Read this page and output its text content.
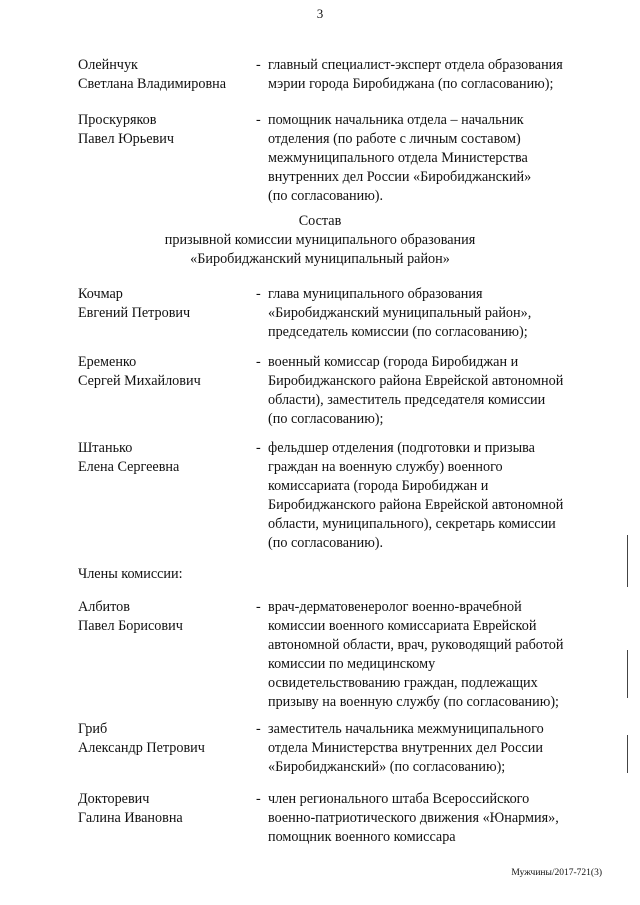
3
Олейнчук
Светлана Владимировна
- главный специалист-эксперт отдела образования
мэрии города Биробиджана (по согласованию);
Проскуряков
Павел Юрьевич
- помощник начальника отдела – начальник
отделения (по работе с личным составом)
межмуниципального отдела Министерства
внутренних дел России «Биробиджанский»
(по согласованию).
Состав
призывной комиссии муниципального образования
«Биробиджанский муниципальный район»
Кочмар
Евгений Петрович
- глава муниципального образования
«Биробиджанский муниципальный район»,
председатель комиссии (по согласованию);
Еременко
Сергей Михайлович
- военный комиссар (города Биробиджан и
Биробиджанского района Еврейской автономной
области), заместитель председателя комиссии
(по согласованию);
Штанько
Елена Сергеевна
- фельдшер отделения (подготовки и призыва
граждан на военную службу) военного
комиссариата (города Биробиджан и
Биробиджанского района Еврейской автономной
области, муниципального), секретарь комиссии
(по согласованию).
Члены комиссии:
Албитов
Павел Борисович
- врач-дерматовенеролог военно-врачебной
комиссии военного комиссариата Еврейской
автономной области, врач, руководящий работой
комиссии по медицинскому
освидетельствованию граждан, подлежащих
призыву на военную службу (по согласованию);
Гриб
Александр Петрович
- заместитель начальника межмуниципального
отдела Министерства внутренних дел России
«Биробиджанский» (по согласованию);
Докторевич
Галина Ивановна
- член регионального штаба Всероссийского
военно-патриотического движения «Юнармия»,
помощник военного комиссара
Мужчины/2017-721(3)
